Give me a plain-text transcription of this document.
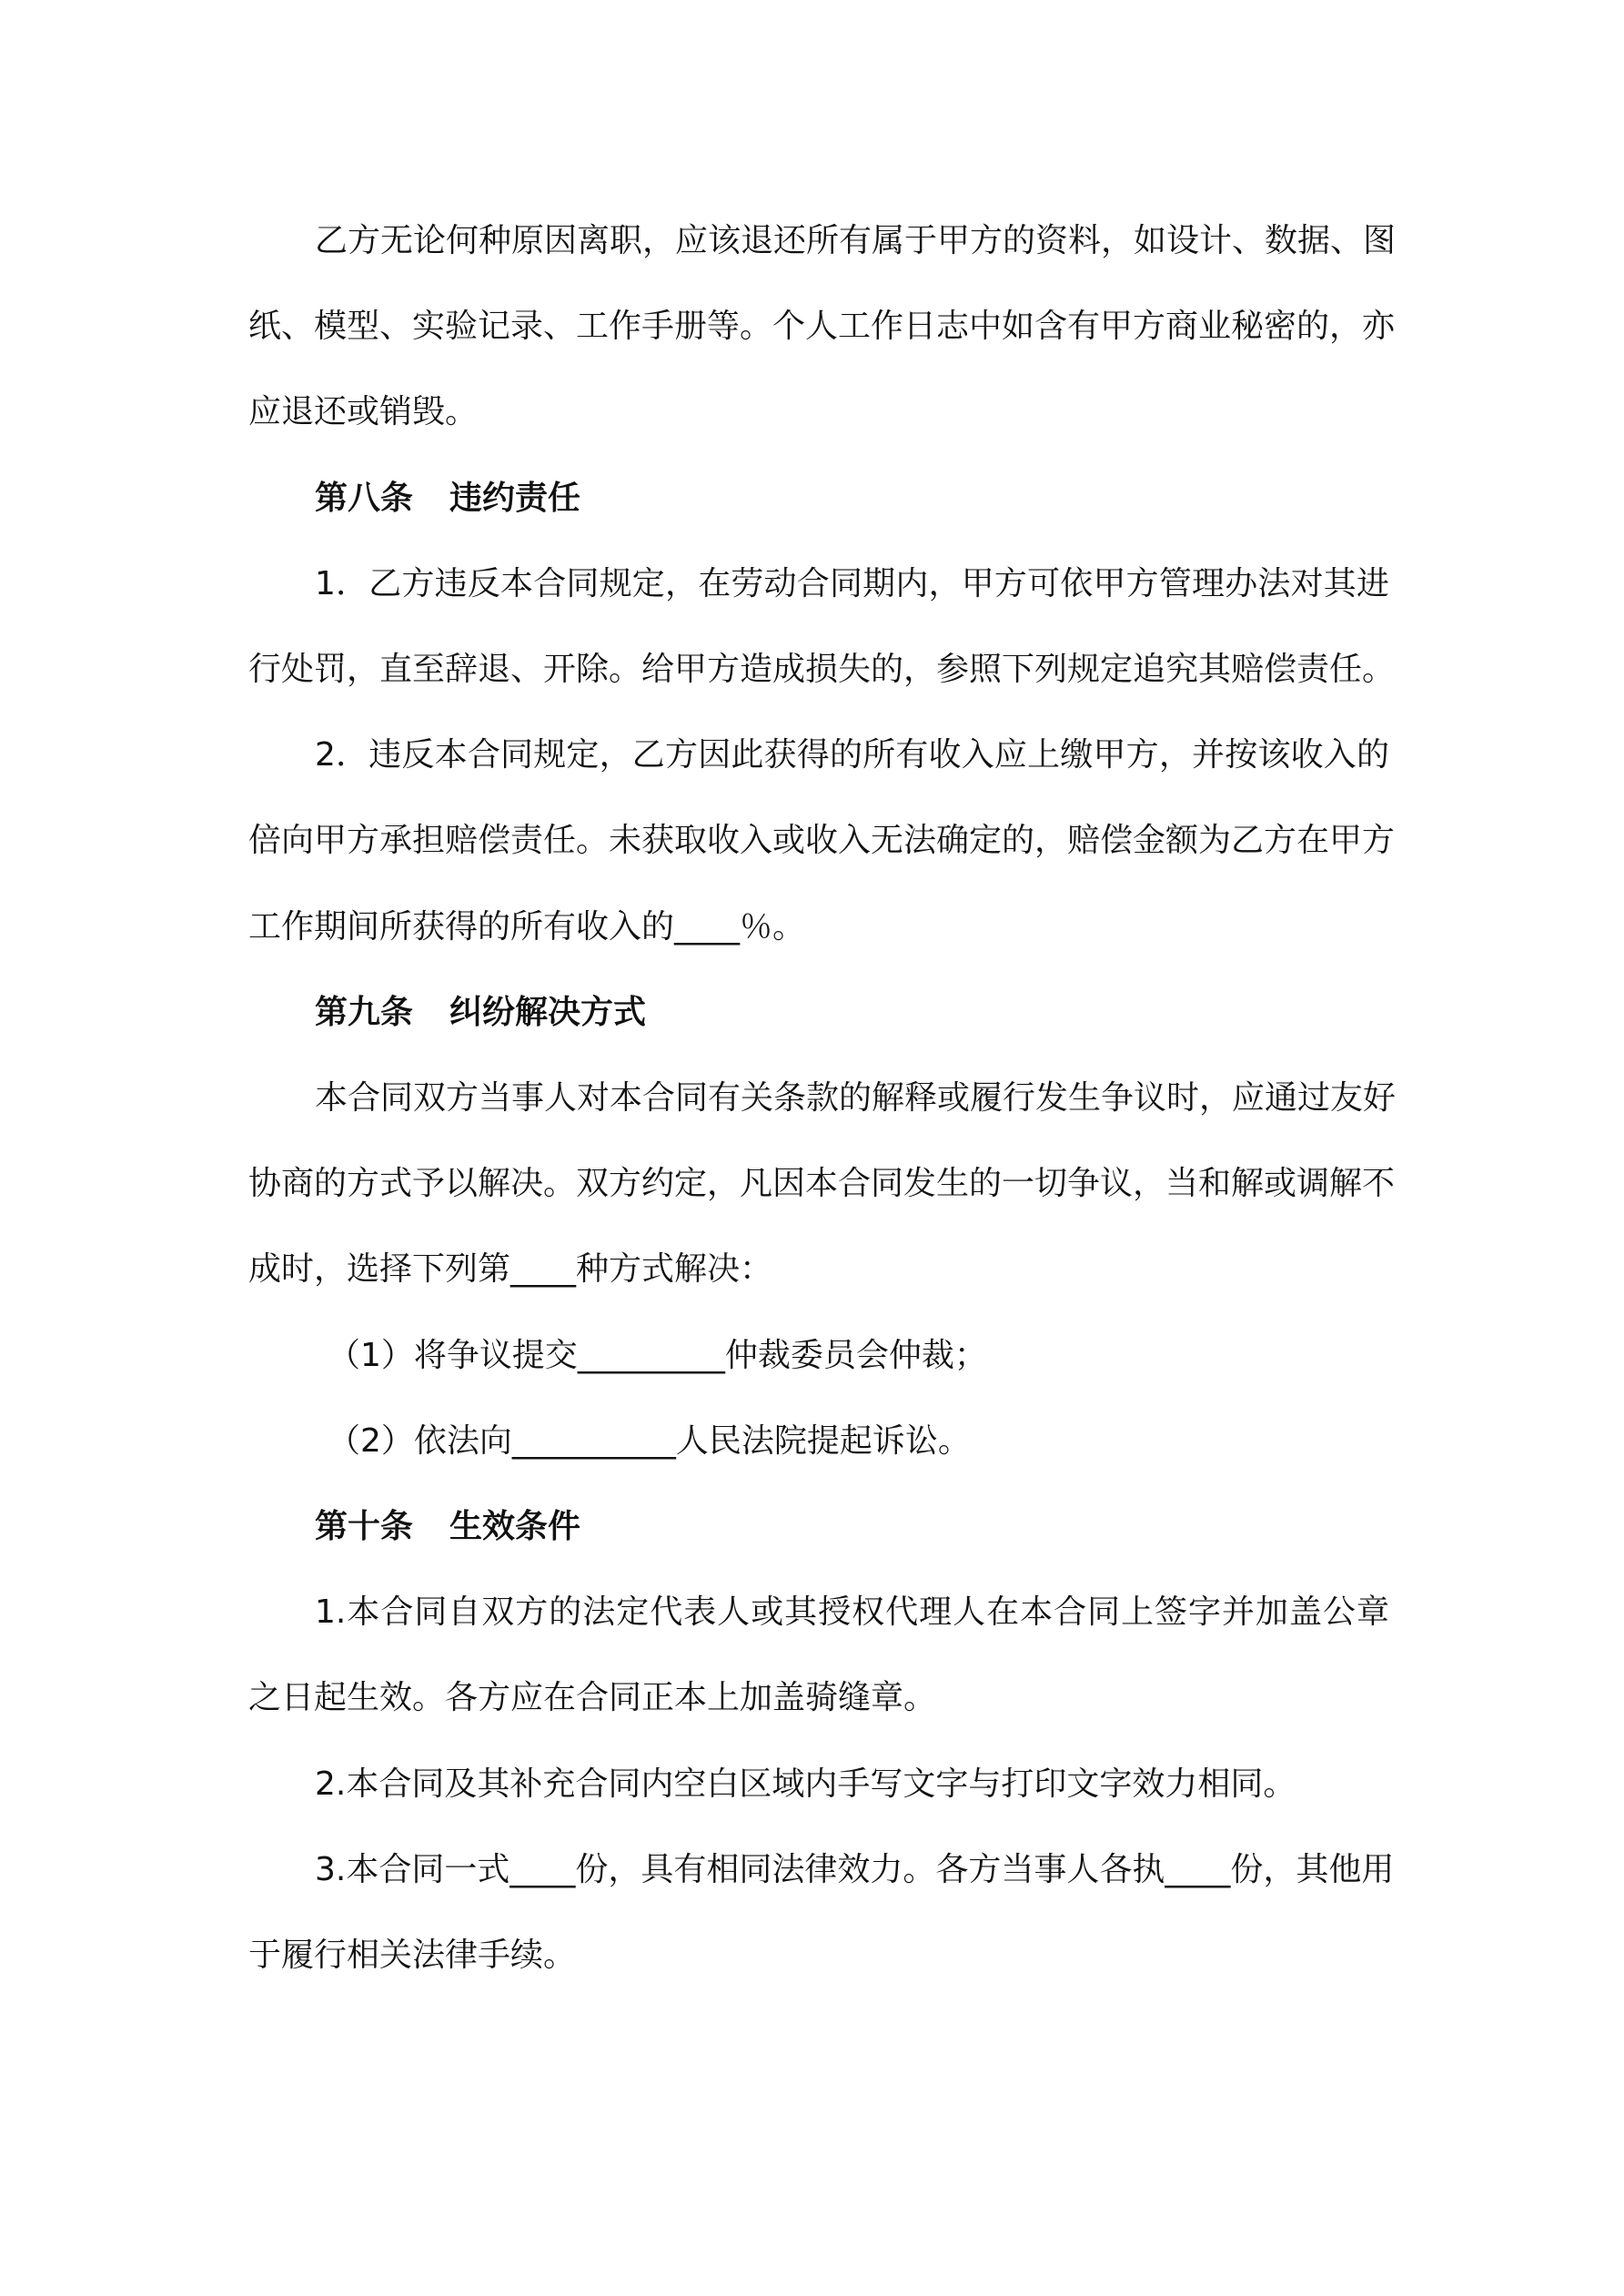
乙方无论何种原因离职，应该退还所有属于甲方的资料，如设计、数据、图
纸、模型、实验记录、工作手册等。个人工作日志中如含有甲方商业秘密的，亦
应退还或销毁。
第八条 违约责任
1．乙方违反本合同规定，在劳动合同期内，甲方可依甲方管理办法对其进
行处罚，直至辞退、开除。给甲方造成损失的，参照下列规定追究其赔偿责任。
2．违反本合同规定，乙方因此获得的所有收入应上缴甲方，并按该收入的
倍向甲方承担赔偿责任。未获取收入或收入无法确定的，赔偿金额为乙方在甲方
工作期间所获得的所有收入的____％。
第九条 纠纷解决方式
本合同双方当事人对本合同有关条款的解释或履行发生争议时，应通过友好
协商的方式予以解决。双方约定，凡因本合同发生的一切争议，当和解或调解不
成时，选择下列第____种方式解决：
（1）将争议提交_________仲裁委员会仲裁；
（2）依法向__________人民法院提起诉讼。
第十条 生效条件
1.本合同自双方的法定代表人或其授权代理人在本合同上签字并加盖公章
之日起生效。各方应在合同正本上加盖骑缝章。
2.本合同及其补充合同内空白区域内手写文字与打印文字效力相同。
3.本合同一式____份，具有相同法律效力。各方当事人各执____份，其他用
于履行相关法律手续。
